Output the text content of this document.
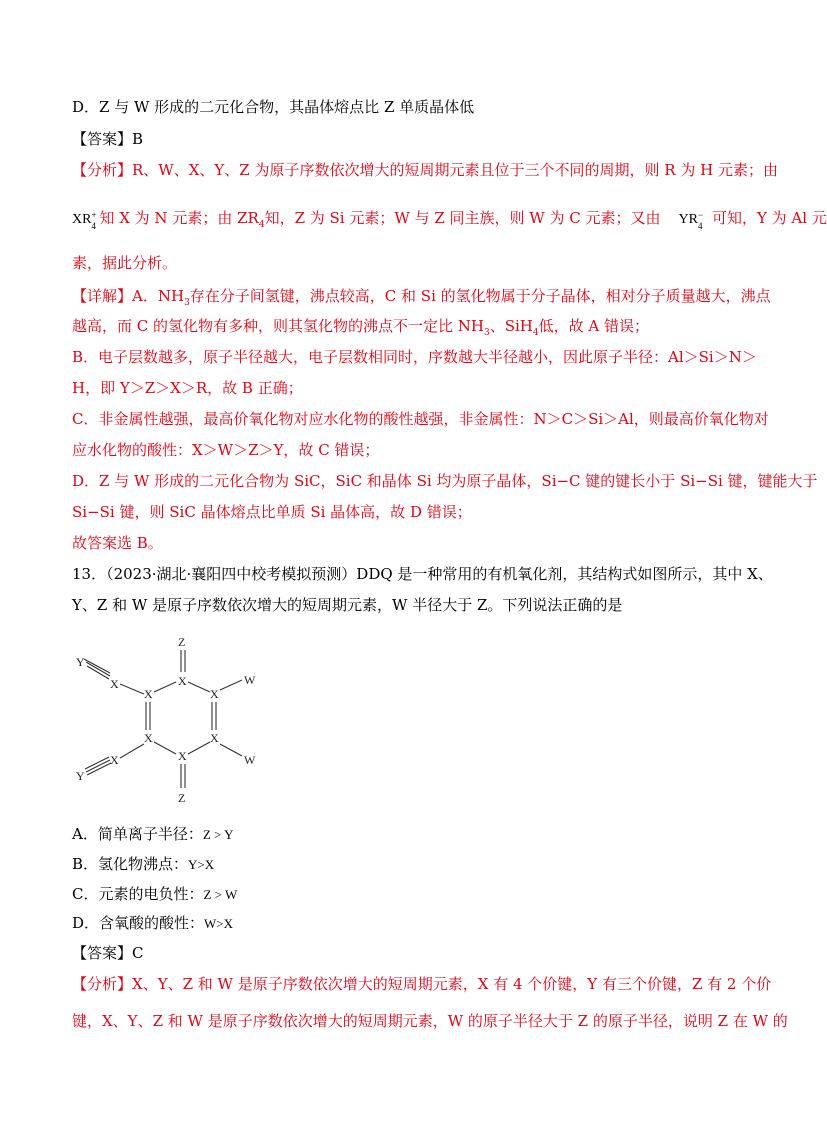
D．Z 与 W 形成的二元化合物，其晶体熔点比 Z 单质晶体低
【答案】B
【分析】R、W、X、Y、Z 为原子序数依次增大的短周期元素且位于三个不同的周期，则 R 为 H 元素；由
XR +
4 知 X 为 N 元素；由 $ZR_4$知，Z 为 Si 元素；W 与 Z 同主族，则 W 为 C 元素；又由 YR −
4 可知，Y 为 Al 元
素，据此分析。
【详解】A．$NH_3$存在分子间氢键，沸点较高，C 和 Si 的氢化物属于分子晶体，相对分子质量越大，沸点
越高，而 C 的氢化物有多种，则其氢化物的沸点不一定比 $NH_3$、SiH$_4$低，故 A 错误；
B．电子层数越多，原子半径越大，电子层数相同时，序数越大半径越小，因此原子半径：Al＞Si＞N＞
H，即 Y＞Z＞X＞R，故 B 正确；
C．非金属性越强，最高价氧化物对应水化物的酸性越强，非金属性：N＞C＞Si＞Al，则最高价氧化物对
应水化物的酸性：X＞W＞Z＞Y，故 C 错误；
D．Z 与 W 形成的二元化合物为 SiC，SiC 和晶体 Si 均为原子晶体，Si−C 键的键长小于 Si−Si 键，键能大于
Si−Si 键，则 SiC 晶体熔点比单质 Si 晶体高，故 D 错误；
故答案选 B。
13．（2023·湖北·襄阳四中校考模拟预测）DDQ 是一种常用的有机氧化剂，其结构式如图所示，其中 X、
Y、Z 和 W 是原子序数依次增大的短周期元素，W 半径大于 Z。下列说法正确的是
Z
X
X
Y
X
X
W
X	X
X
Y
W
X
Z
A．简单离子半径：Z > Y
B．氢化物沸点：Y>X
C．元素的电负性：Z > W
D．含氧酸的酸性：W>X
【答案】C
【分析】X、Y、Z 和 W 是原子序数依次增大的短周期元素，X 有 4 个价键，Y 有三个价键，Z 有 2 个价
键，X、Y、Z 和 W 是原子序数依次增大的短周期元素，W 的原子半径大于 Z 的原子半径，说明 Z 在 W 的
